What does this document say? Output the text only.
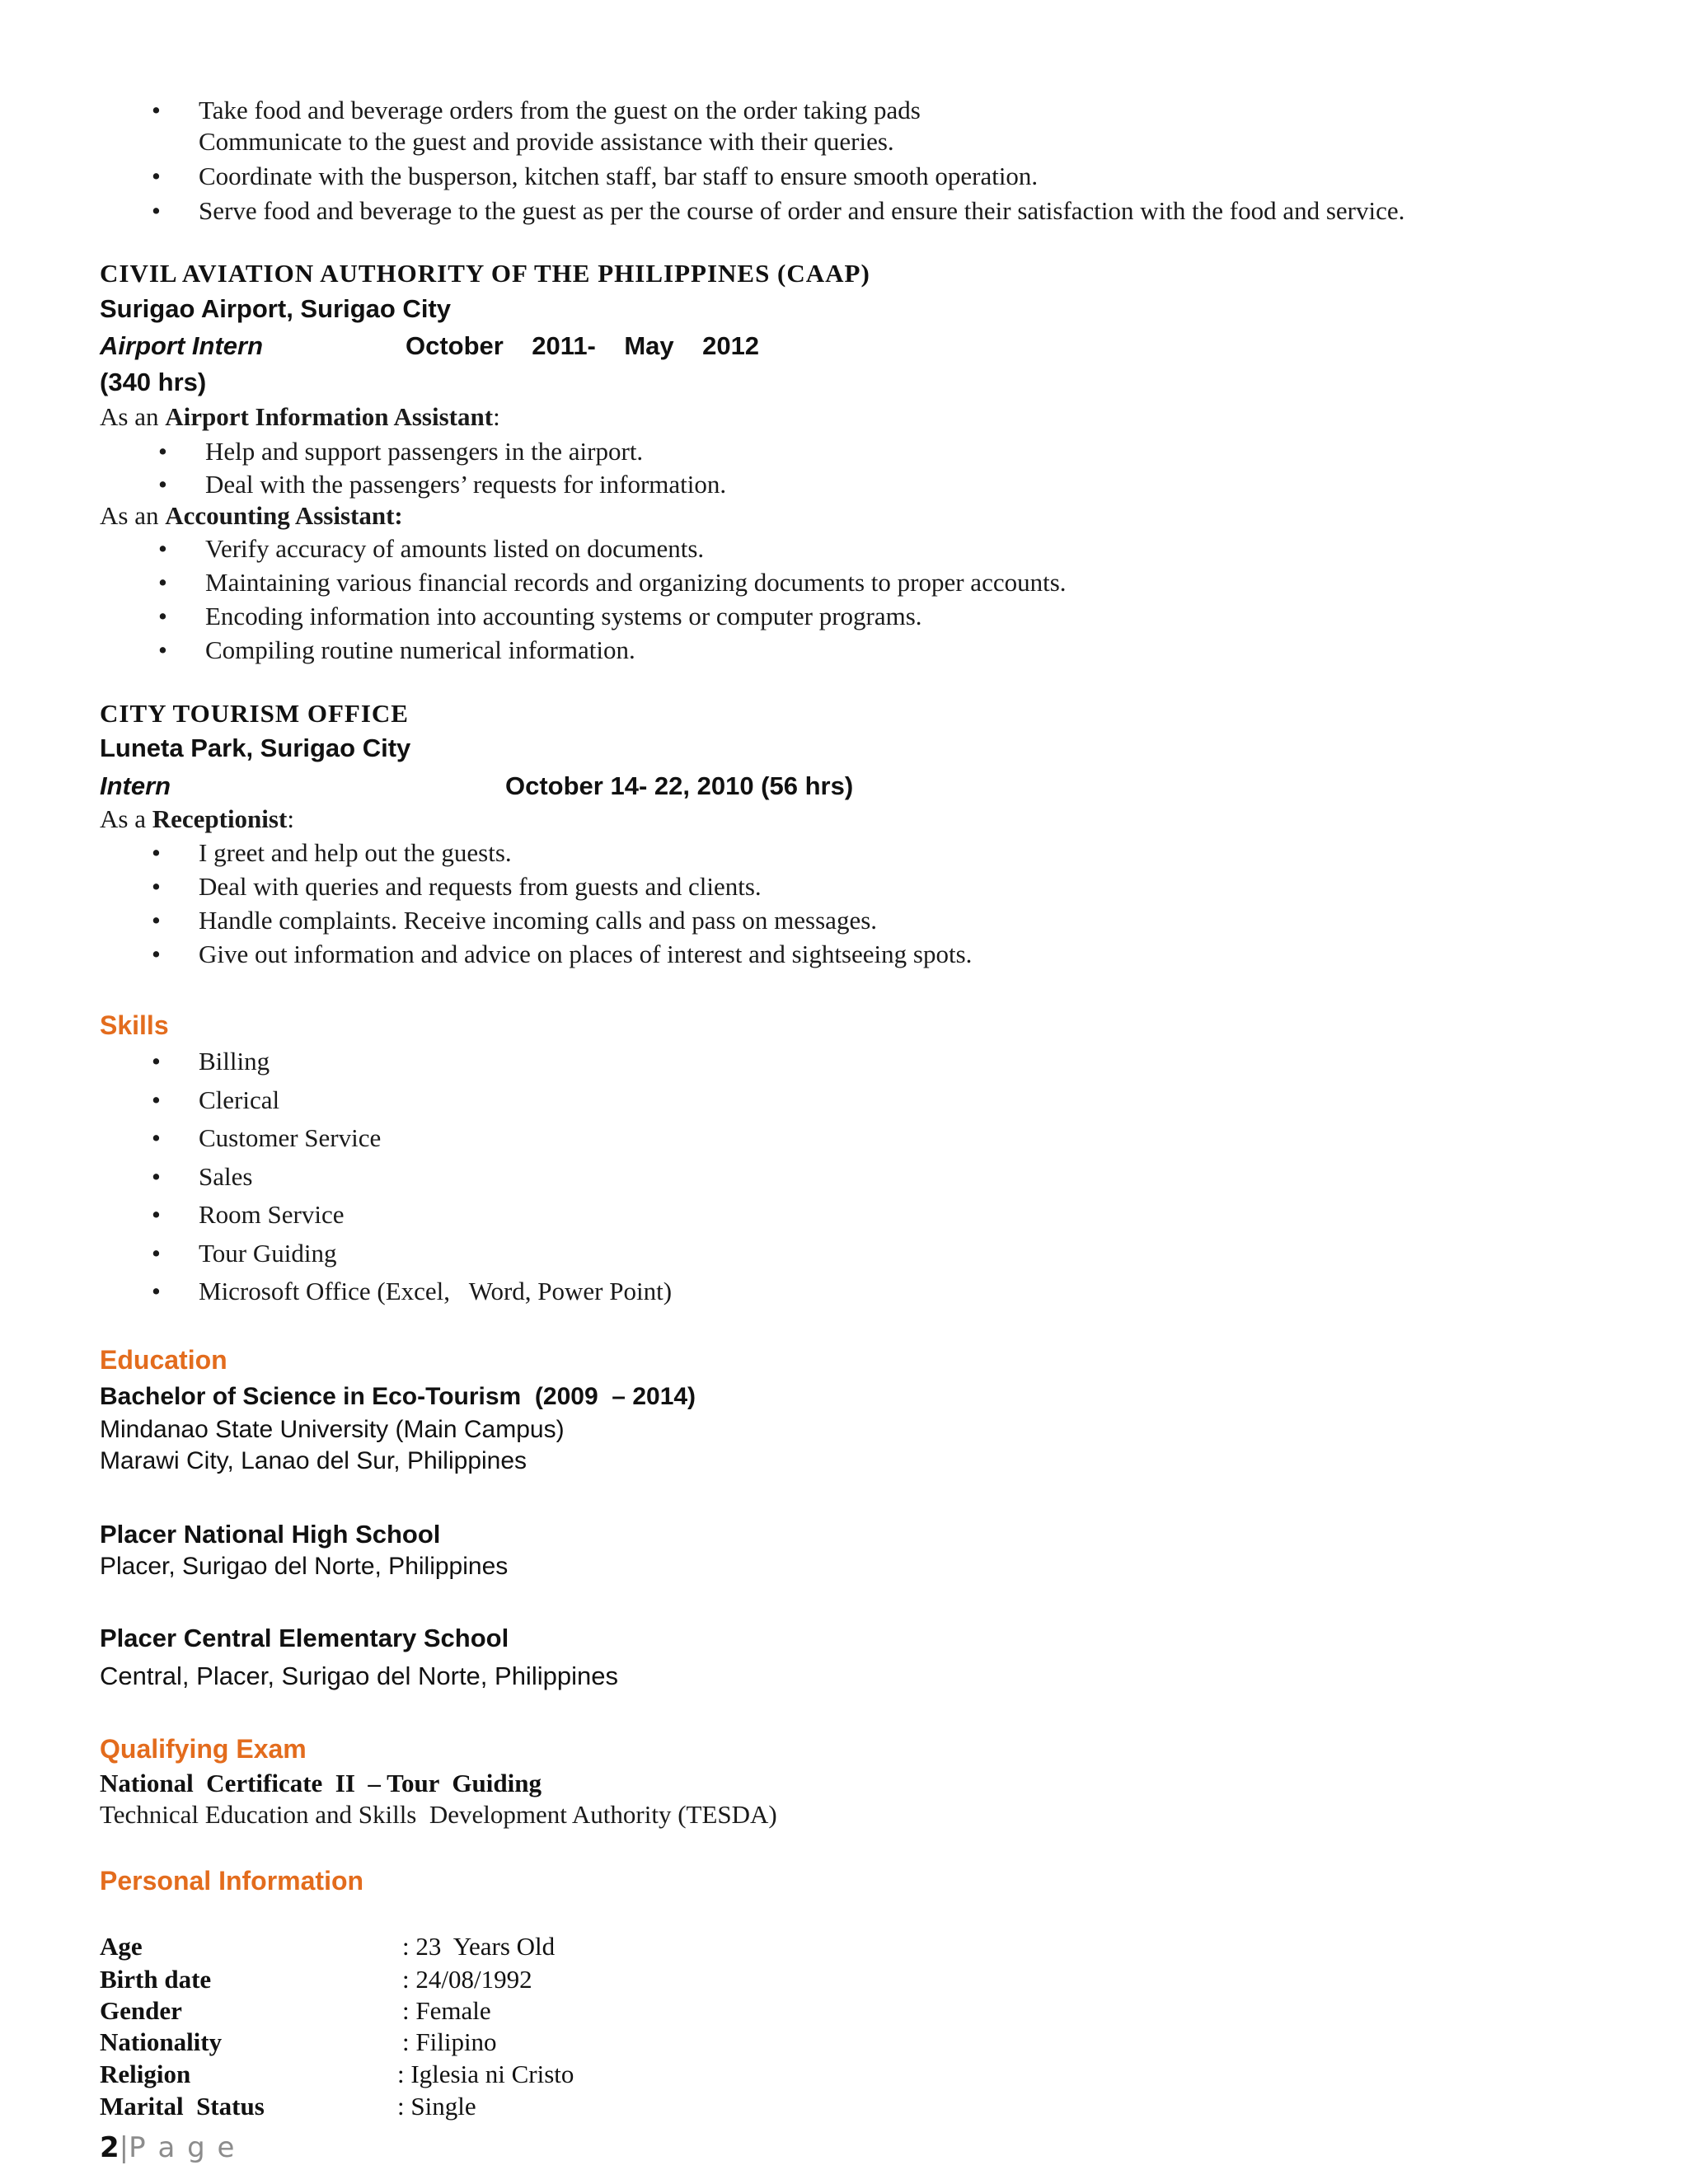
• Take food and beverage orders from the guest on the order taking pads
Communicate to the guest and provide assistance with their queries.
• Coordinate with the busperson, kitchen staff, bar staff to ensure smooth operation.
• Serve food and beverage to the guest as per the course of order and ensure their satisfaction with the food and service.
CIVIL AVIATION AUTHORITY OF THE PHILIPPINES (CAAP)
Surigao Airport, Surigao City
Airport Intern	October    2011-    May    2012
(340 hrs)
As an Airport Information Assistant:
• Help and support passengers in the airport.
• Deal with the passengers’ requests for information.
As an Accounting Assistant:
• Verify accuracy of amounts listed on documents.
• Maintaining various financial records and organizing documents to proper accounts.
• Encoding information into accounting systems or computer programs.
• Compiling routine numerical information.
CITY TOURISM OFFICE
Luneta Park, Surigao City
Intern	October 14- 22, 2010 (56 hrs)
As a Receptionist:
• I greet and help out the guests.
• Deal with queries and requests from guests and clients.
• Handle complaints. Receive incoming calls and pass on messages.
• Give out information and advice on places of interest and sightseeing spots.
Skills
• Billing
• Clerical
• Customer Service
• Sales
• Room Service
• Tour Guiding
• Microsoft Office (Excel,   Word, Power Point)
Education
Bachelor of Science in Eco-Tourism  (2009  – 2014)
Mindanao State University (Main Campus)
Marawi City, Lanao del Sur, Philippines
Placer National High School
Placer, Surigao del Norte, Philippines
Placer Central Elementary School
Central, Placer, Surigao del Norte, Philippines
Qualifying Exam
National  Certificate  II  – Tour  Guiding
Technical Education and Skills  Development Authority (TESDA)
Personal Information
Age	: 23  Years Old
Birth date	: 24/08/1992
Gender	: Female
Nationality	: Filipino
Religion	: Iglesia ni Cristo
Marital  Status	: Single
2|P a g e
